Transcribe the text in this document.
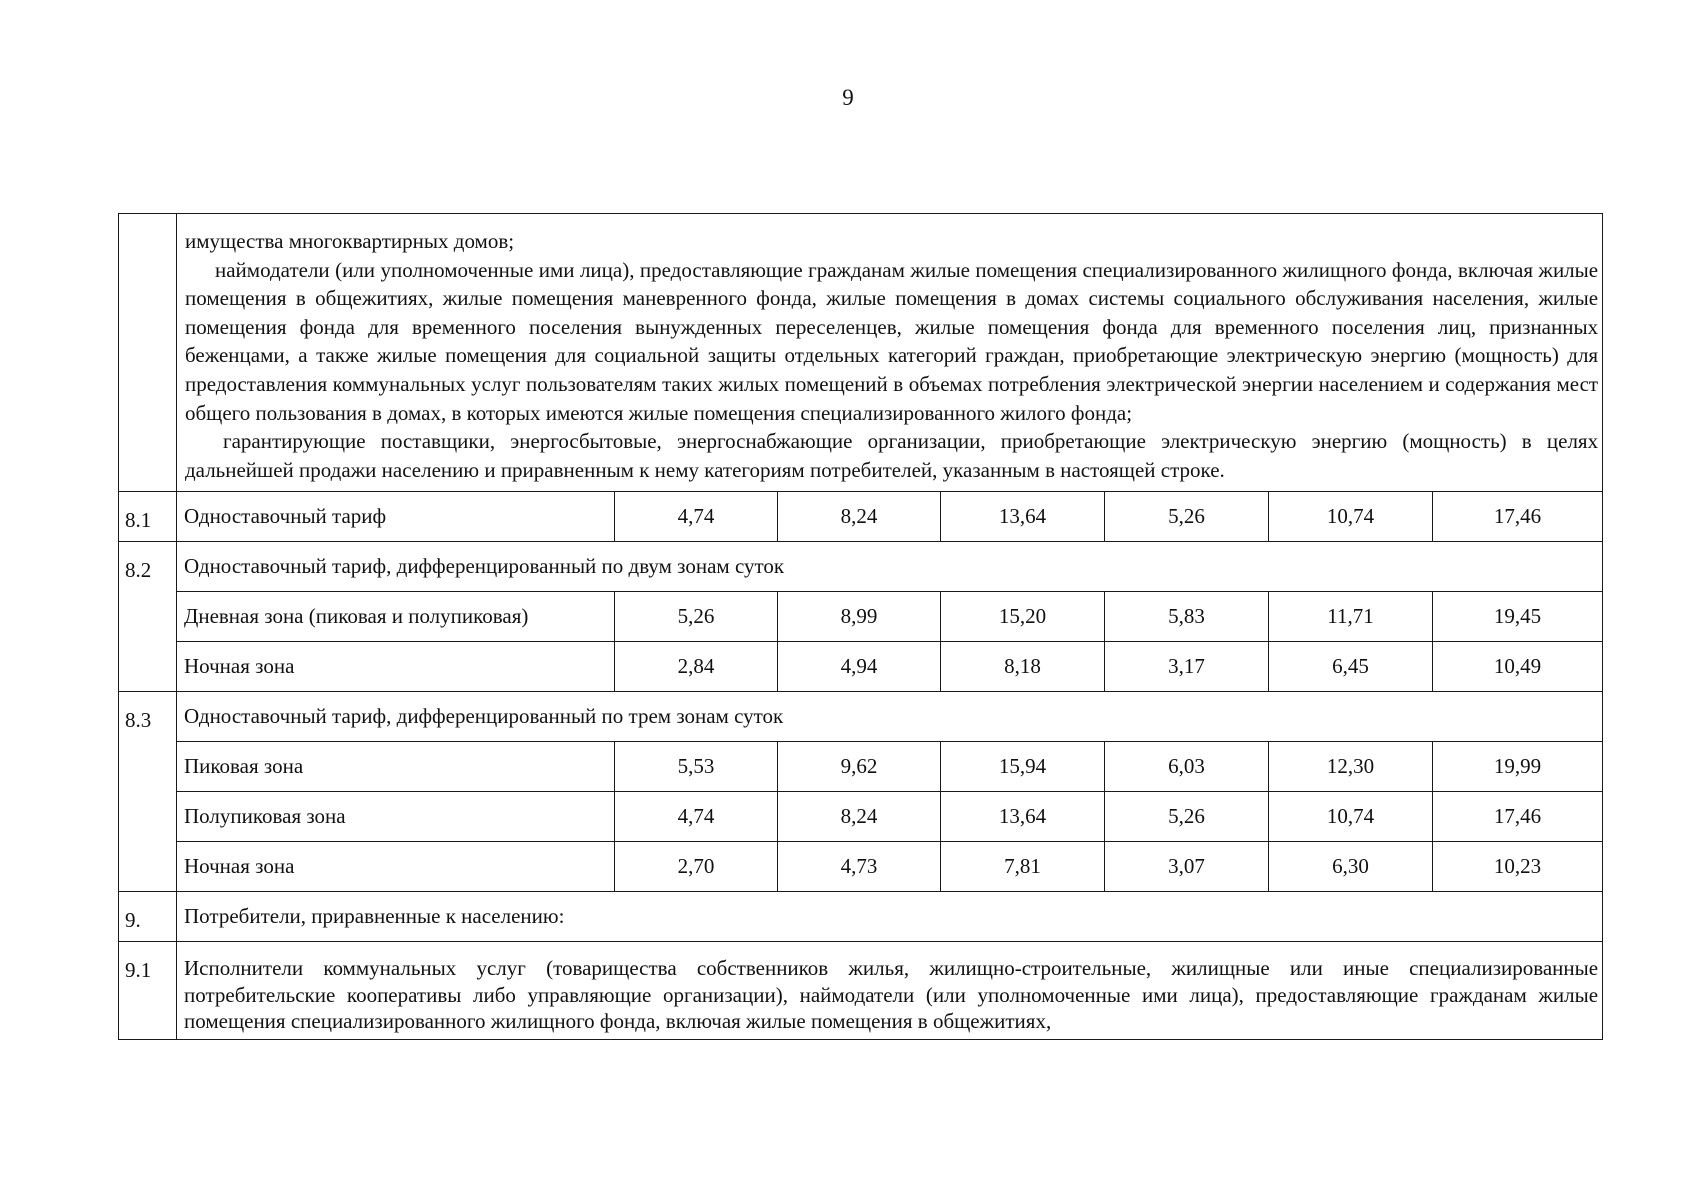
9

	имущества многоквартирных домов;

наймодатели (или уполномоченные ими лица), предоставляющие гражданам жилые помещения специализированного жилищного фонда, включая жилые помещения в общежитиях, жилые помещения маневренного фонда, жилые помещения в домах системы социального обслуживания населения, жилые помещения фонда для временного поселения вынужденных переселенцев, жилые помещения фонда для временного поселения лиц, признанных беженцами, а также жилые помещения для социальной защиты отдельных категорий граждан, приобретающие электрическую энергию (мощность) для предоставления коммунальных услуг пользователям таких жилых помещений в объемах потребления электрической энергии населением и содержания мест общего пользования в домах, в которых имеются жилые помещения специализированного жилого фонда;

гарантирующие поставщики, энергосбытовые, энергоснабжающие организации, приобретающие электрическую энергию (мощность) в целях дальнейшей продажи населению и приравненным к нему категориям потребителей, указанным в настоящей строке.						

8.1	Одноставочный тариф	4,74	8,24	13,64	5,26	10,74	17,46
8.2	Одноставочный тариф, дифференцированный по двум зонам суток						
	Дневная зона (пиковая и полупиковая)	5,26	8,99	15,20	5,83	11,71	19,45
	Ночная зона	2,84	4,94	8,18	3,17	6,45	10,49
8.3	Одноставочный тариф, дифференцированный по трем зонам суток						
	Пиковая зона	5,53	9,62	15,94	6,03	12,30	19,99
	Полупиковая зона	4,74	8,24	13,64	5,26	10,74	17,46
	Ночная зона	2,70	4,73	7,81	3,07	6,30	10,23
9.	Потребители, приравненные к населению:						
9.1	Исполнители коммунальных услуг (товарищества собственников жилья, жилищно-строительные, жилищные или иные специализированные потребительские кооперативы либо управляющие организации), наймодатели (или уполномоченные ими лица), предоставляющие гражданам жилые помещения специализированного жилищного фонда, включая жилые помещения в общежитиях,						
